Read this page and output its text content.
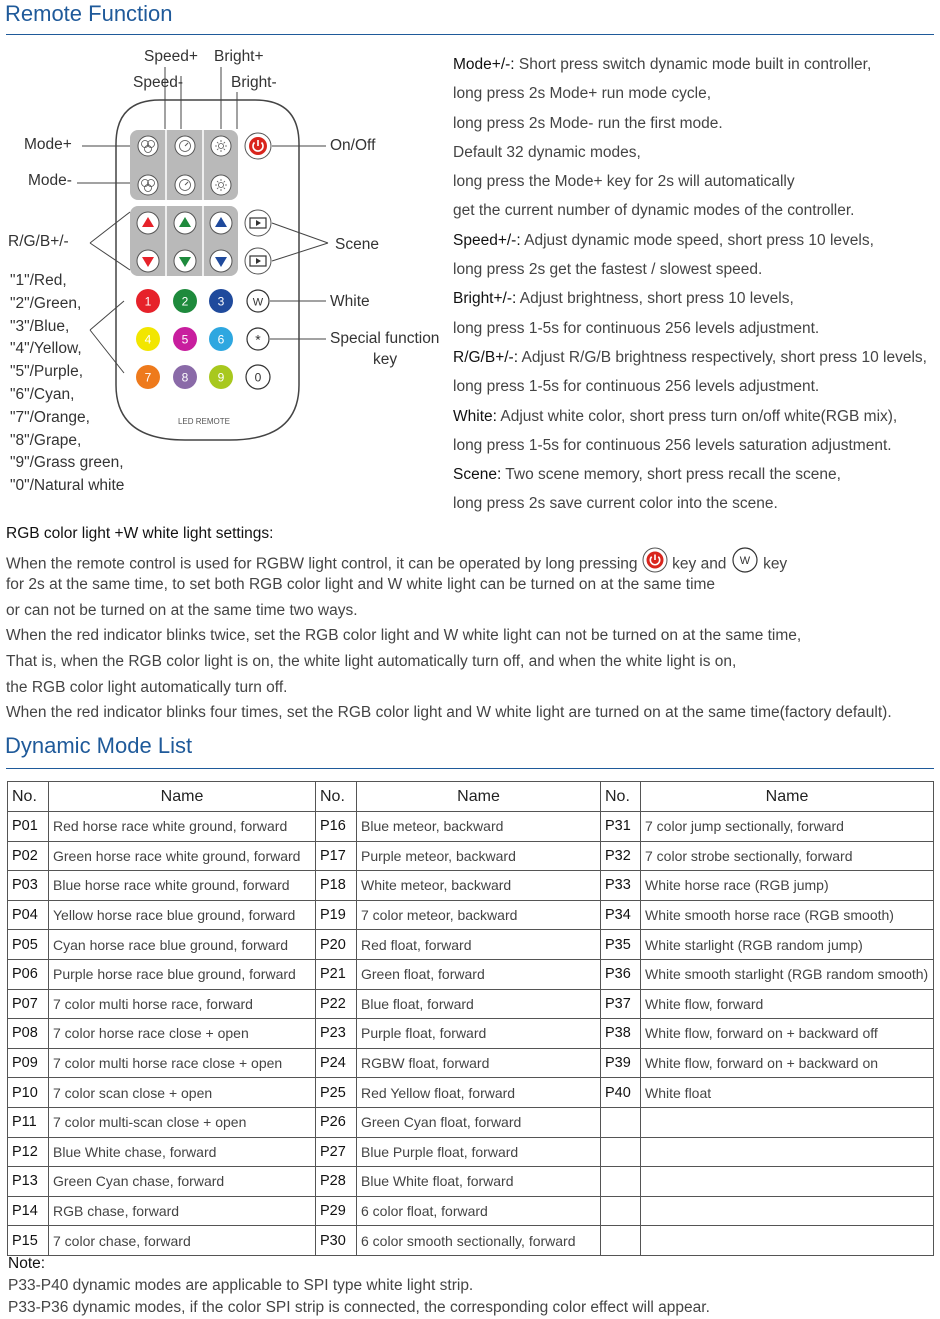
Remote Function
1	2 3
4	5 6
7	8 9	0
W
*
LED REMOTE
Speed+ Bright+
Speed-	Bright-
Mode+
Mode-
On/Off
R/G/B+/-	Scene
White
Special function
key
"1"/Red,
"2"/Green,
"3"/Blue,
"4"/Yellow,
"5"/Purple,
"6"/Cyan,
"7"/Orange,
"8"/Grape,
"9"/Grass green,
"0"/Natural white
Mode+/-: Short press switch dynamic mode built in controller,
long press 2s Mode+ run mode cycle,
long press 2s Mode- run the first mode.
Default 32 dynamic modes,
long press the Mode+ key for 2s will automatically
get the current number of dynamic modes of the controller.
Speed+/-: Adjust dynamic mode speed, short press 10 levels,
long press 2s get the fastest / slowest speed.
Bright+/-: Adjust brightness, short press 10 levels,
long press 1-5s for continuous 256 levels adjustment.
R/G/B+/-: Adjust R/G/B brightness respectively, short press 10 levels,
long press 1-5s for continuous 256 levels adjustment.
White: Adjust white color, short press turn on/off white(RGB mix),
long press 1-5s for continuous 256 levels saturation adjustment.
Scene: Two scene memory, short press recall the scene,
long press 2s save current color into the scene.
RGB color light +W white light settings:
When the remote control is used for RGBW light control, it can be operated by long pressing  key and W key
for 2s at the same time, to set both RGB color light and W white light can be turned on at the same time
or can not be turned on at the same time two ways.
When the red indicator blinks twice, set the RGB color light and W white light can not be turned on at the same time,
That is, when the RGB color light is on, the white light automatically turn off, and when the white light is on,
the RGB color light automatically turn off.
When the red indicator blinks four times, set the RGB color light and W white light are turned on at the same time(factory default).
Dynamic Mode List
No.	Name	No.	Name	No.	Name
P01	Red horse race white ground, forward	P16	Blue meteor, backward	P31	7 color jump sectionally, forward
P02	Green horse race white ground, forward	P17	Purple meteor, backward	P32	7 color strobe sectionally, forward
P03	Blue horse race white ground, forward	P18	White meteor, backward	P33	White horse race (RGB jump)
P04	Yellow horse race blue ground, forward	P19	7 color meteor, backward	P34	White smooth horse race (RGB smooth)
P05	Cyan horse race blue ground, forward	P20	Red float, forward	P35	White starlight (RGB random jump)
P06	Purple horse race blue ground, forward	P21	Green float, forward	P36	White smooth starlight (RGB random smooth)
P07	7 color multi horse race, forward	P22	Blue float, forward	P37	White flow, forward
P08	7 color horse race close + open	P23	Purple float, forward	P38	White flow, forward on + backward off
P09	7 color multi horse race close + open	P24	RGBW float, forward	P39	White flow, forward on + backward on
P10	7 color scan close + open	P25	Red Yellow float, forward	P40	White float
P11	7 color multi-scan close + open	P26	Green Cyan float, forward		
P12	Blue White chase, forward	P27	Blue Purple float, forward		
P13	Green Cyan chase, forward	P28	Blue White float, forward		
P14	RGB chase, forward	P29	6 color float, forward		
P15	7 color chase, forward	P30	6 color smooth sectionally, forward		
Note:
P33-P40 dynamic modes are applicable to SPI type white light strip.
P33-P36 dynamic modes, if the color SPI strip is connected, the corresponding color effect will appear.
